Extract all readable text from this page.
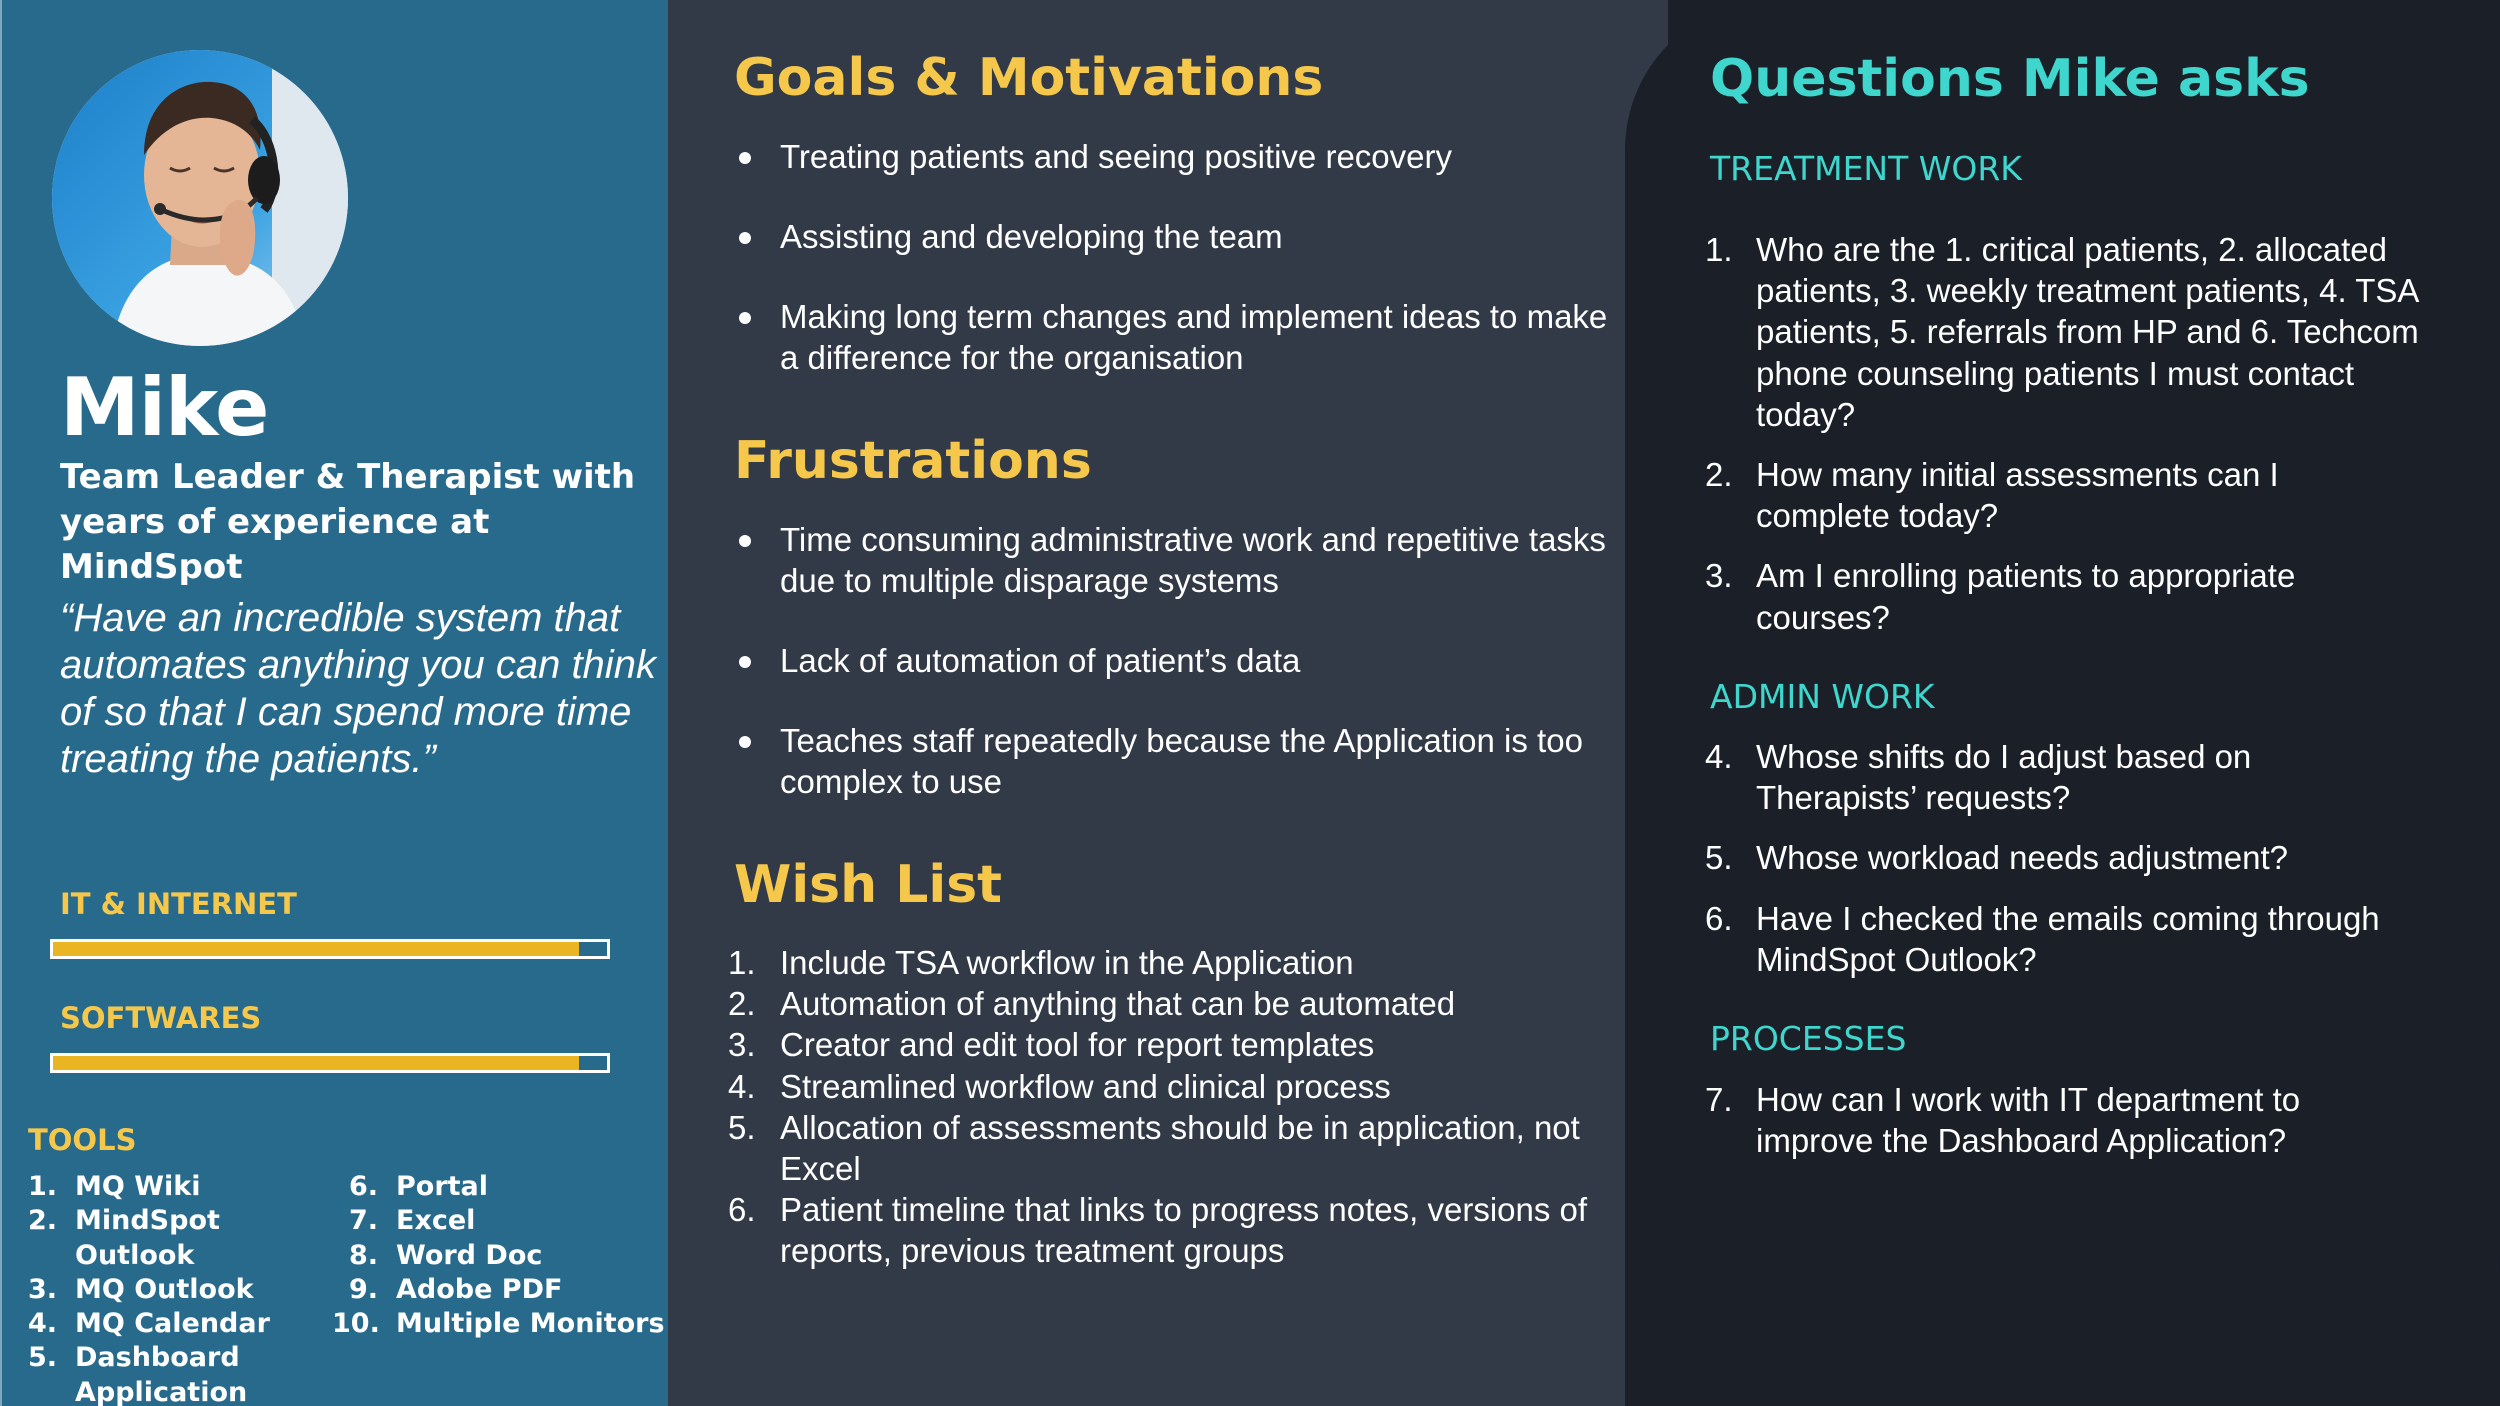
Mike
Team Leader & Therapist with years of experience at MindSpot
“Have an incredible system that automates anything you can think of so that I can spend more time treating the patients.”
IT & INTERNET
SOFTWARES
TOOLS
1. MQ Wiki
2. MindSpot Outlook
3. MQ Outlook
4. MQ Calendar
5. Dashboard Application
6. Portal
7. Excel
8. Word Doc
9. Adobe PDF
10. Multiple Monitors
Goals & Motivations
Treating patients and seeing positive recovery
Assisting and developing the team
Making long term changes and implement ideas to make a difference for the organisation
Frustrations
Time consuming administrative work and repetitive tasks due to multiple disparage systems
Lack of automation of patient’s data
Teaches staff repeatedly because the Application is too complex to use
Wish List
1. Include TSA workflow in the Application
2. Automation of anything that can be automated
3. Creator and edit tool for report templates
4. Streamlined workflow and clinical process
5. Allocation of assessments should be in application, not Excel
6. Patient timeline that links to progress notes, versions of reports, previous treatment groups
Questions Mike asks
TREATMENT WORK
1. Who are the 1. critical patients, 2. allocated patients, 3. weekly treatment patients, 4. TSA patients, 5. referrals from HP and 6. Techcom phone counseling patients I must contact today?
2. How many initial assessments can I complete today?
3. Am I enrolling patients to appropriate courses?
ADMIN WORK
4. Whose shifts do I adjust based on Therapists’ requests?
5. Whose workload needs adjustment?
6. Have I checked the emails coming through MindSpot Outlook?
PROCESSES
7. How can I work with IT department to improve the Dashboard Application?
